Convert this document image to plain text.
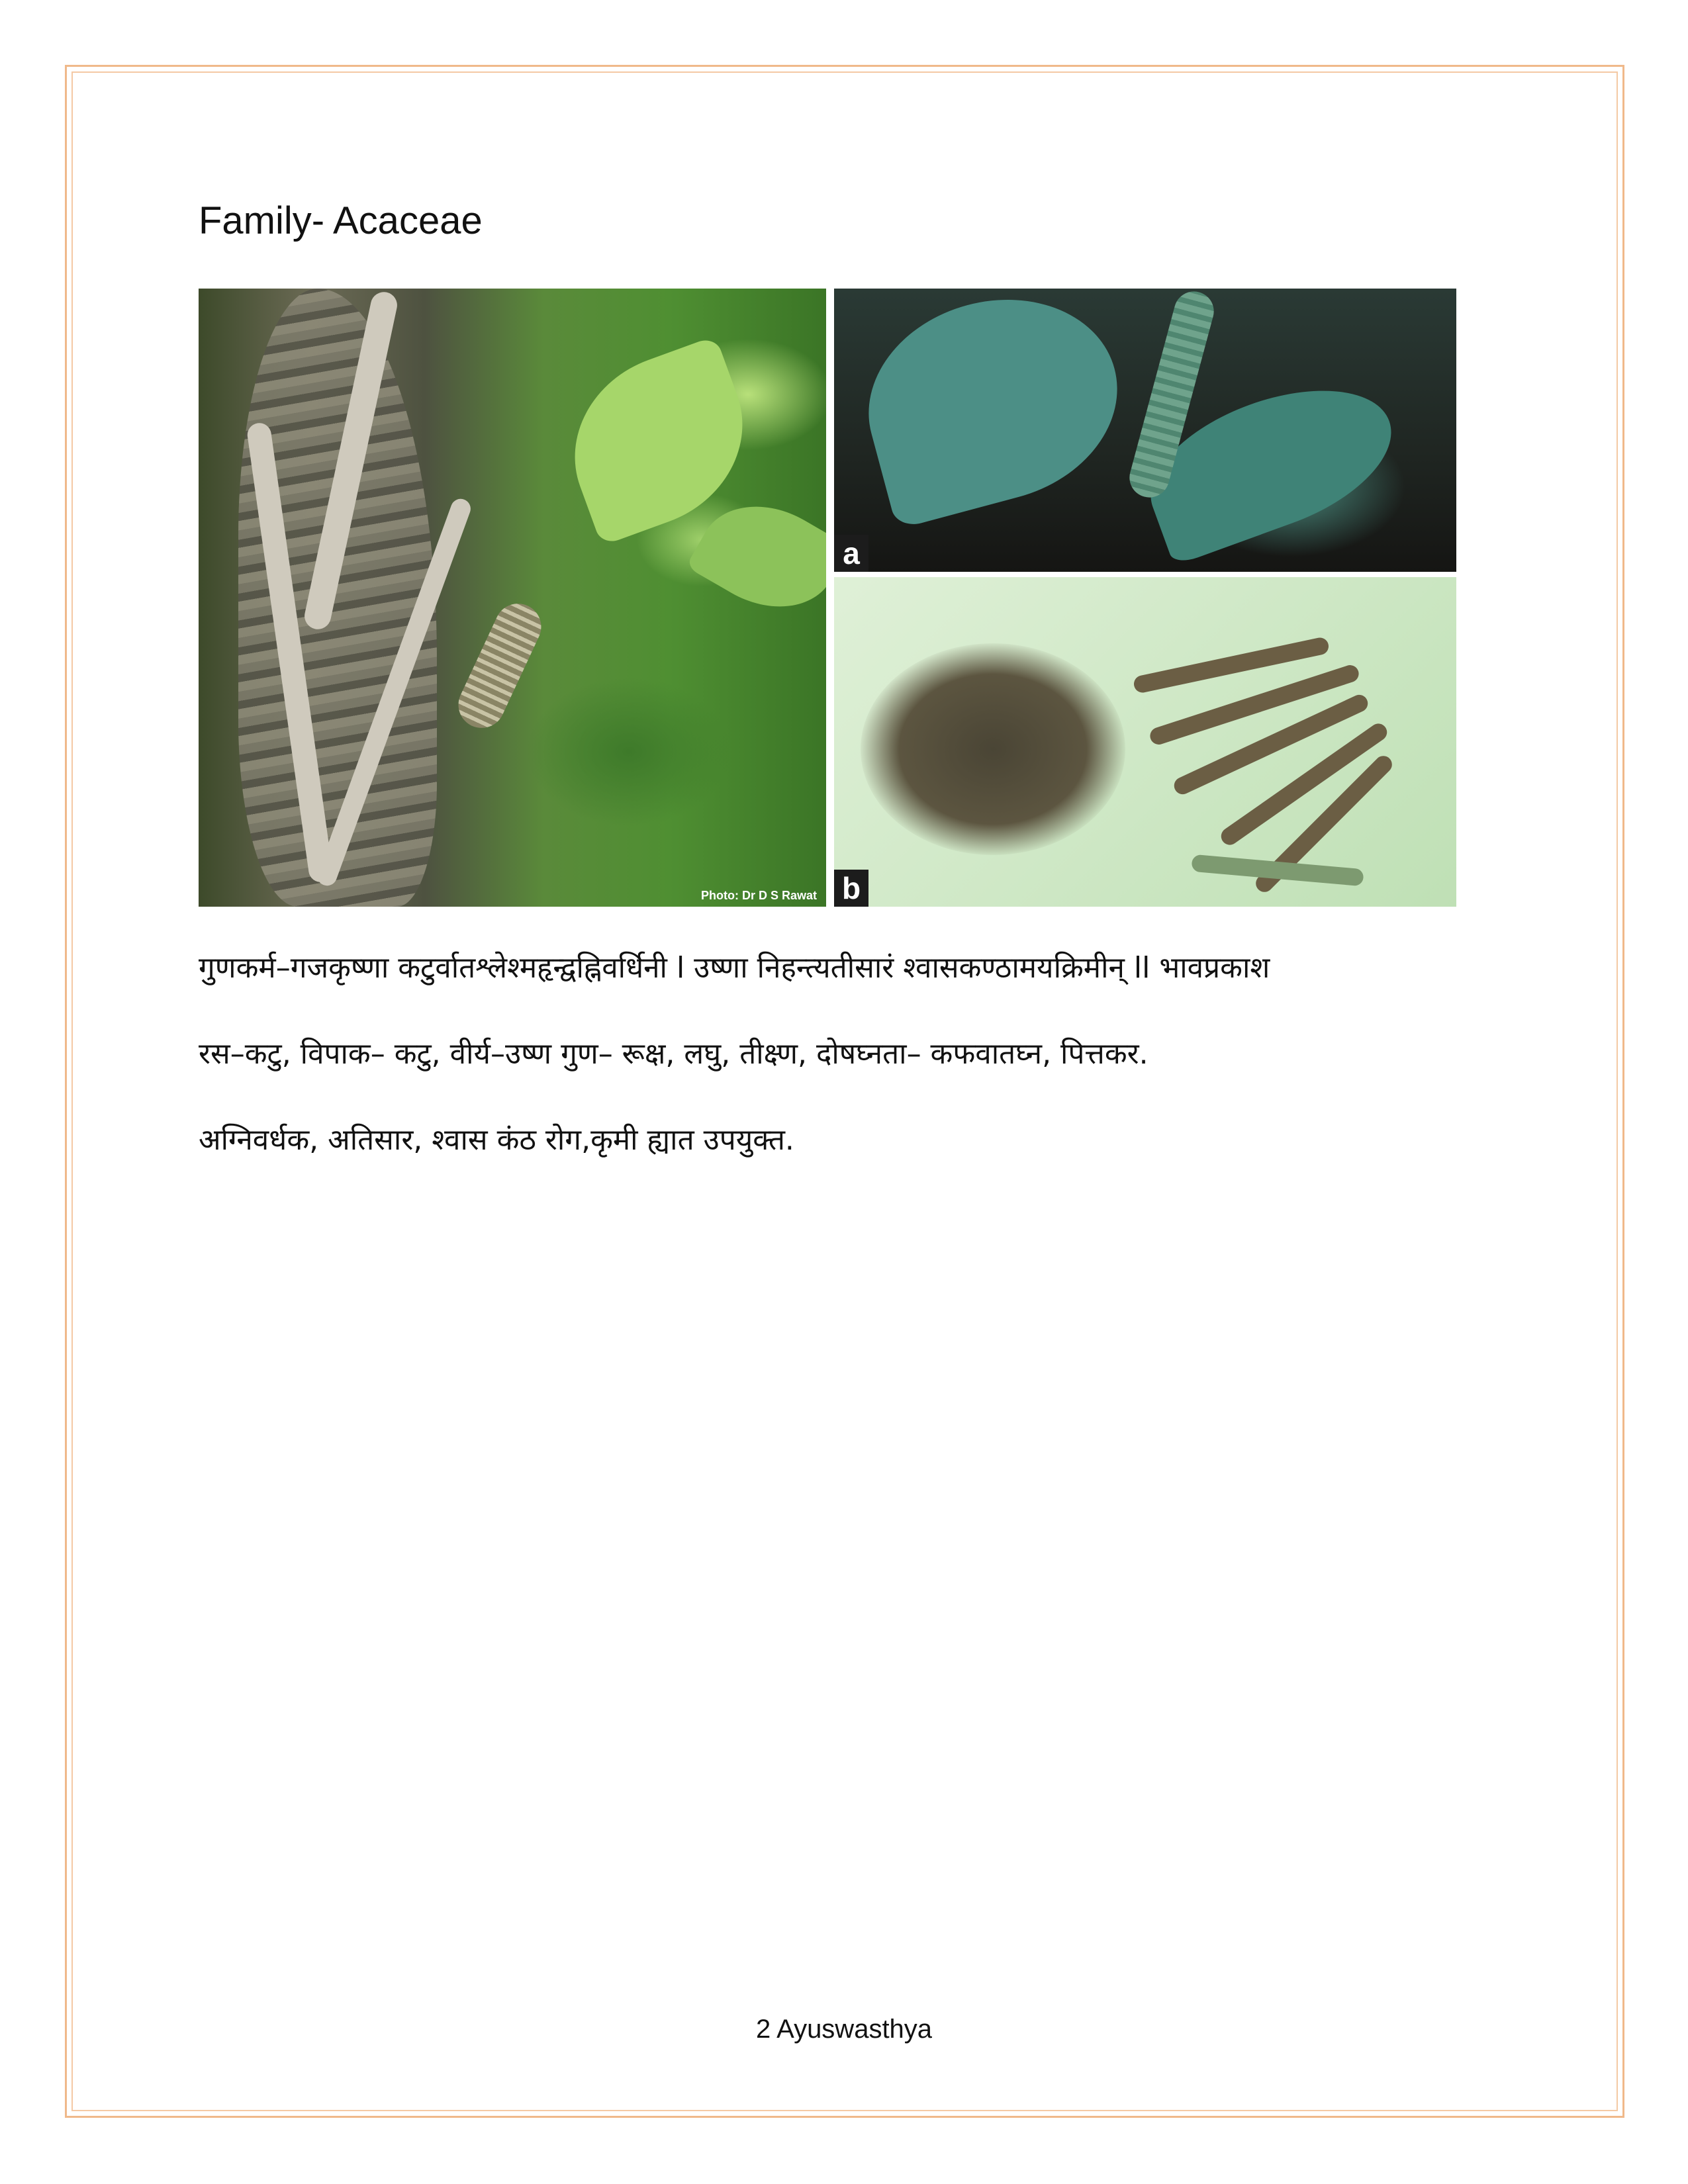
Family- Acaceae
Photo: Dr D S Rawat
a
b
गुणकर्म–गजकृष्णा कटुर्वातश्लेश्महृन्द्वह्निवर्धिनी l उष्णा निहन्त्यतीसारं श्वासकण्ठामयक्रिमीन् ll भावप्रकाश
रस–कटु, विपाक– कटु, वीर्य–उष्ण गुण– रूक्ष, लघु, तीक्ष्ण, दोषघ्नता– कफवातघ्न, पित्तकर.
अग्निवर्धक, अतिसार, श्वास कंठ रोग,कृमी ह्यात उपयुक्त.
2 Ayuswasthya
